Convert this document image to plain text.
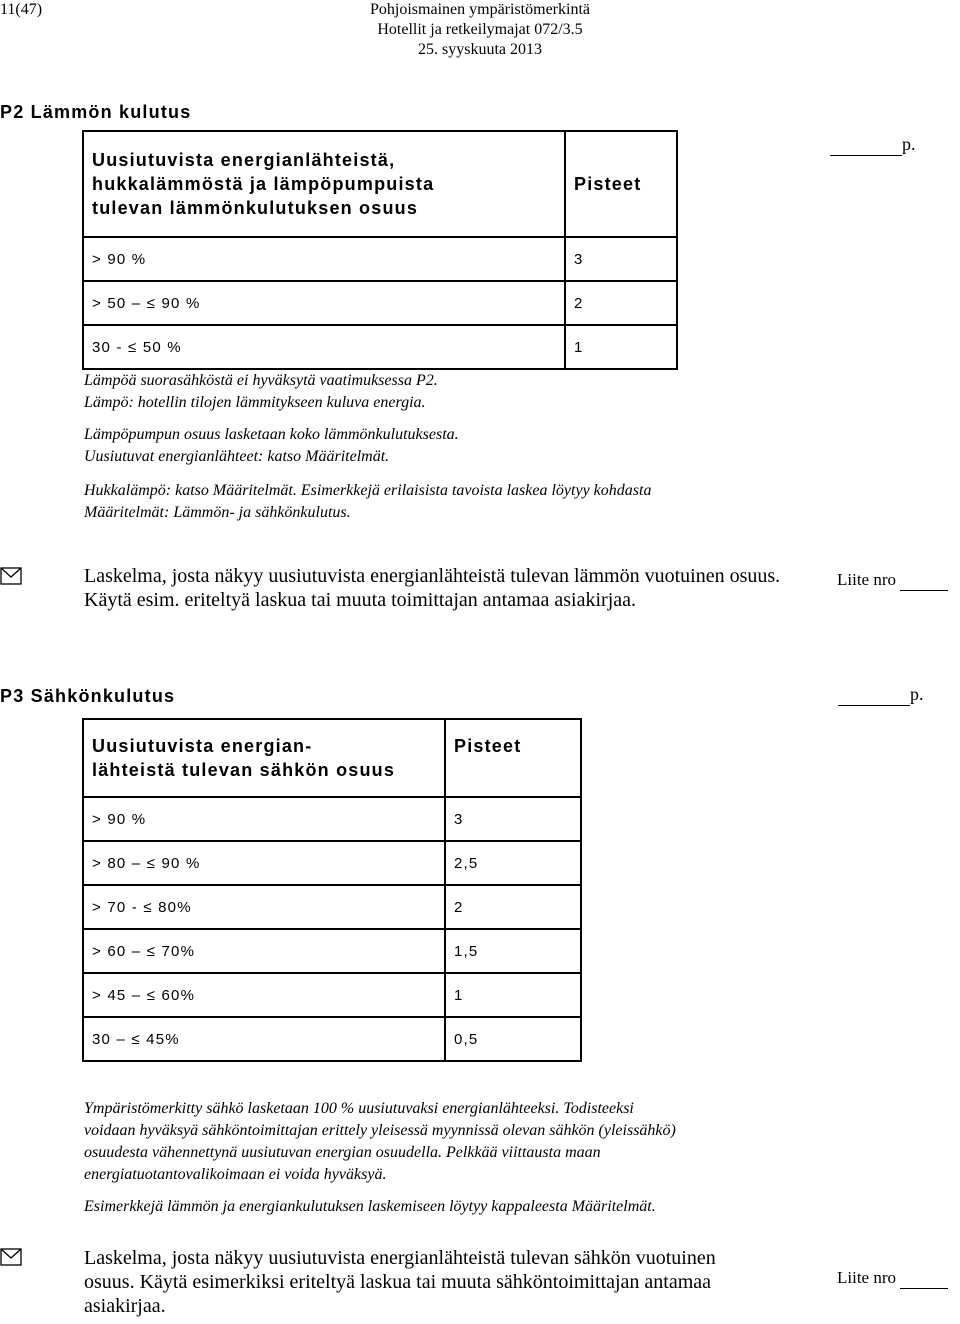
11(47)	Pohjoismainen ympäristömerkintä
Hotellit ja retkeilymajat 072/3.5
25. syyskuuta 2013
P2 Lämmön kulutus
p.
Uusiutuvista energianlähteistä,
hukkalämmöstä ja lämpöpumpuista
tulevan lämmönkulutuksen osuus	Pisteet
> 90 %	3
> 50 – ≤ 90 %	2
30 - ≤ 50 %	1
Lämpöä suorasähköstä ei hyväksytä vaatimuksessa P2.
Lämpö: hotellin tilojen lämmitykseen kuluva energia.
Lämpöpumpun osuus lasketaan koko lämmönkulutuksesta.
Uusiutuvat energianlähteet: katso Määritelmät.
Hukkalämpö: katso Määritelmät. Esimerkkejä erilaisista tavoista laskea löytyy kohdasta
Määritelmät: Lämmön- ja sähkönkulutus.
Laskelma, josta näkyy uusiutuvista energianlähteistä tulevan lämmön vuotuinen osuus. Käytä esim. eriteltyä laskua tai muuta toimittajan antamaa asiakirjaa.
Liite nro
P3 Sähkönkulutus	p.
Uusiutuvista energian-
lähteistä tulevan sähkön osuus	Pisteet
> 90 %	3
> 80 – ≤ 90 %	2,5
> 70 - ≤ 80%	2
> 60 – ≤ 70%	1,5
> 45 – ≤ 60%	1
30 – ≤ 45%	0,5
Ympäristömerkitty sähkö lasketaan 100 % uusiutuvaksi energianlähteeksi. Todisteeksi
voidaan hyväksyä sähköntoimittajan erittely yleisessä myynnissä olevan sähkön (yleissähkö)
osuudesta vähennettynä uusiutuvan energian osuudella. Pelkkää viittausta maan
energiatuotantovalikoimaan ei voida hyväksyä.
Esimerkkejä lämmön ja energiankulutuksen laskemiseen löytyy kappaleesta Määritelmät.
Laskelma, josta näkyy uusiutuvista energianlähteistä tulevan sähkön vuotuinen osuus. Käytä esimerkiksi eriteltyä laskua tai muuta sähköntoimittajan antamaa asiakirjaa.
Liite nro
